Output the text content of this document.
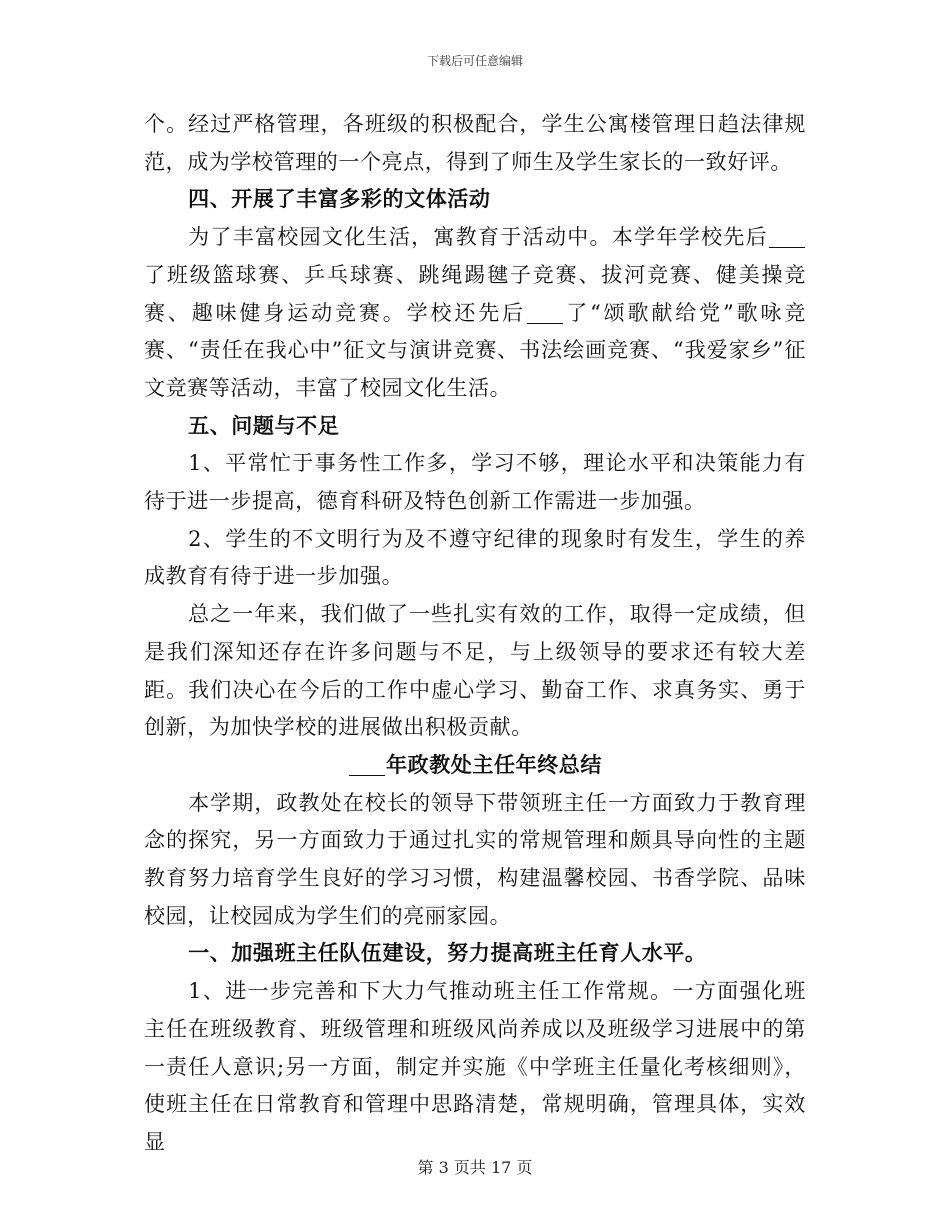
下载后可任意编辑

个。经过严格管理，各班级的积极配合，学生公寓楼管理日趋法律规范，成为学校管理的一个亮点，得到了师生及学生家长的一致好评。

四、开展了丰富多彩的文体活动

为了丰富校园文化生活，寓教育于活动中。本学年学校先后了班级篮球赛、乒乓球赛、跳绳踢毽子竞赛、拔河竞赛、健美操竞赛、趣味健身运动竞赛。学校还先后 了“颂歌献给党”歌咏竞赛、“责任在我心中”征文与演讲竞赛、书法绘画竞赛、“我爱家乡”征文竞赛等活动，丰富了校园文化生活。

五、问题与不足

1、平常忙于事务性工作多，学习不够，理论水平和决策能力有待于进一步提高，德育科研及特色创新工作需进一步加强。

2、学生的不文明行为及不遵守纪律的现象时有发生，学生的养成教育有待于进一步加强。

总之一年来，我们做了一些扎实有效的工作，取得一定成绩，但是我们深知还存在许多问题与不足，与上级领导的要求还有较大差距。我们决心在今后的工作中虚心学习、勤奋工作、求真务实、勇于创新，为加快学校的进展做出积极贡献。

年政教处主任年终总结

本学期，政教处在校长的领导下带领班主任一方面致力于教育理念的探究，另一方面致力于通过扎实的常规管理和颇具导向性的主题教育努力培育学生良好的学习习惯，构建温馨校园、书香学院、品味校园，让校园成为学生们的亮丽家园。

一、加强班主任队伍建设，努力提高班主任育人水平。

1、进一步完善和下大力气推动班主任工作常规。一方面强化班主任在班级教育、班级管理和班级风尚养成以及班级学习进展中的第一责任人意识;另一方面，制定并实施《中学班主任量化考核细则》，使班主任在日常教育和管理中思路清楚，常规明确，管理具体，实效显

第 3 页共 17 页
